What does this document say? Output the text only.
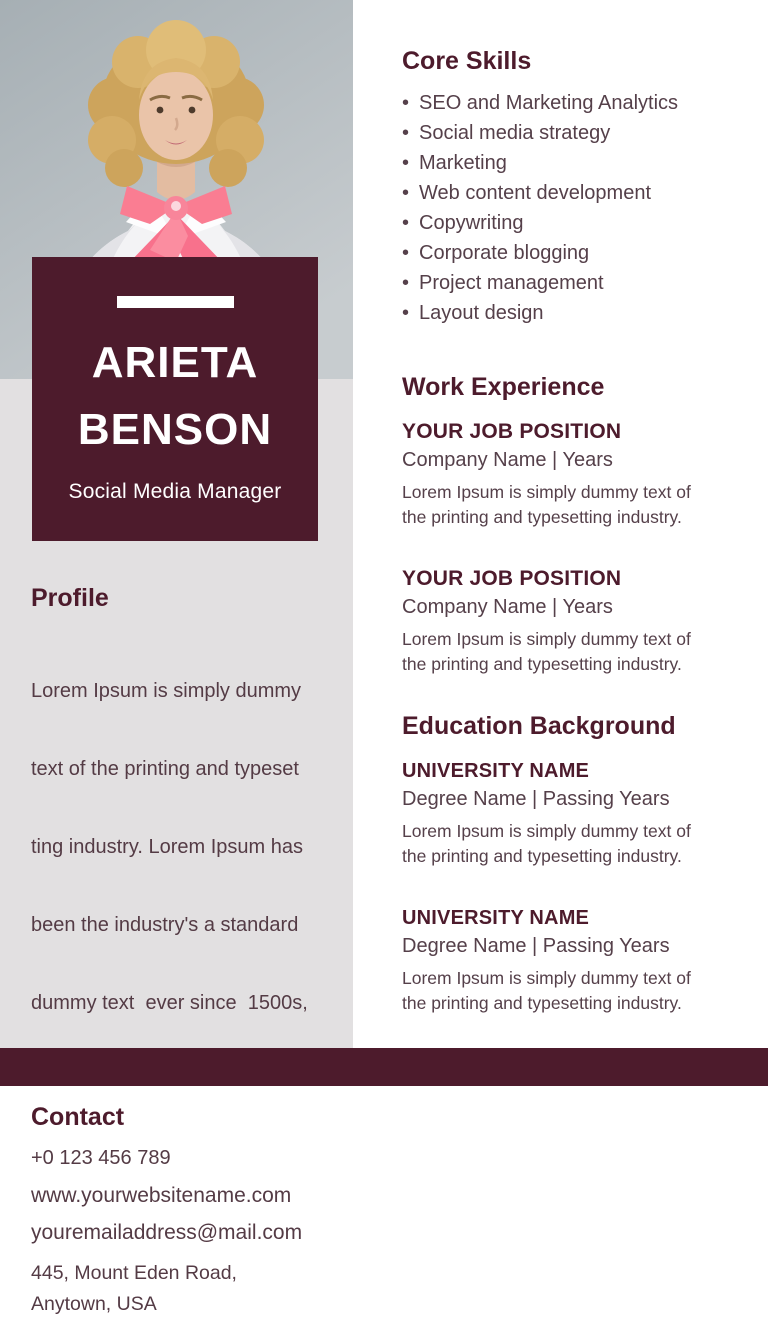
ARIETA
BENSON
Social Media Manager
Profile

Lorem Ipsum is simply dummy

text of the printing and typeset

ting industry. Lorem Ipsum has

been the industry's a standard

dummy text  ever since  1500s,

Contact
+0 123 456 789
www.yourwebsitename.com
youremailaddress@mail.com
445, Mount Eden Road,
Anytown, USA
Core Skills
• SEO and Marketing Analytics
• Social media strategy
• Marketing
• Web content development
• Copywriting
• Corporate blogging
• Project management
• Layout design
Work Experience
YOUR JOB POSITION
Company Name | Years
Lorem Ipsum is simply dummy text of the printing and typesetting industry.
YOUR JOB POSITION
Company Name | Years
Lorem Ipsum is simply dummy text of the printing and typesetting industry.
Education Background
UNIVERSITY NAME
Degree Name | Passing Years
Lorem Ipsum is simply dummy text of the printing and typesetting industry.
UNIVERSITY NAME
Degree Name | Passing Years
Lorem Ipsum is simply dummy text of the printing and typesetting industry.
